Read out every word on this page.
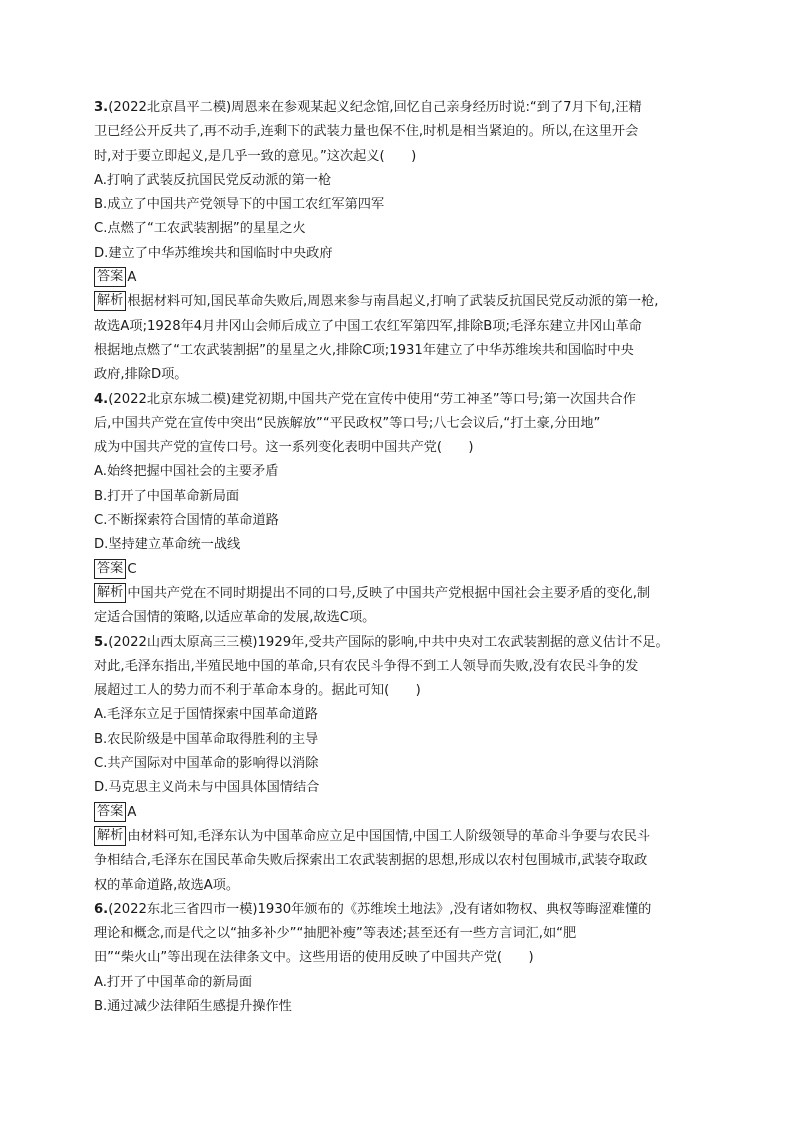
3.(2022北京昌平二模)周恩来在参观某起义纪念馆,回忆自己亲身经历时说:“到了7月下旬,汪精
卫已经公开反共了,再不动手,连剩下的武装力量也保不住,时机是相当紧迫的。所以,在这里开会
时,对于要立即起义,是几乎一致的意见。”这次起义(　　)
A.打响了武装反抗国民党反动派的第一枪
B.成立了中国共产党领导下的中国工农红军第四军
C.点燃了“工农武装割据”的星星之火
D.建立了中华苏维埃共和国临时中央政府
答案 A
解析 根据材料可知,国民革命失败后,周恩来参与南昌起义,打响了武装反抗国民党反动派的第一枪,
故选A项;1928年4月井冈山会师后成立了中国工农红军第四军,排除B项;毛泽东建立井冈山革命
根据地点燃了“工农武装割据”的星星之火,排除C项;1931年建立了中华苏维埃共和国临时中央
政府,排除D项。
4.(2022北京东城二模)建党初期,中国共产党在宣传中使用“劳工神圣”等口号;第一次国共合作
后,中国共产党在宣传中突出“民族解放”“平民政权”等口号;八七会议后,“打土豪,分田地”
成为中国共产党的宣传口号。这一系列变化表明中国共产党(　　)
A.始终把握中国社会的主要矛盾
B.打开了中国革命新局面
C.不断探索符合国情的革命道路
D.坚持建立革命统一战线
答案 C
解析 中国共产党在不同时期提出不同的口号,反映了中国共产党根据中国社会主要矛盾的变化,制
定适合国情的策略,以适应革命的发展,故选C项。
5.(2022山西太原高三三模)1929年,受共产国际的影响,中共中央对工农武装割据的意义估计不足。
对此,毛泽东指出,半殖民地中国的革命,只有农民斗争得不到工人领导而失败,没有农民斗争的发
展超过工人的势力而不利于革命本身的。据此可知(　　)
A.毛泽东立足于国情探索中国革命道路
B.农民阶级是中国革命取得胜利的主导
C.共产国际对中国革命的影响得以消除
D.马克思主义尚未与中国具体国情结合
答案 A
解析 由材料可知,毛泽东认为中国革命应立足中国国情,中国工人阶级领导的革命斗争要与农民斗
争相结合,毛泽东在国民革命失败后探索出工农武装割据的思想,形成以农村包围城市,武装夺取政
权的革命道路,故选A项。
6.(2022东北三省四市一模)1930年颁布的《苏维埃土地法》,没有诸如物权、典权等晦涩难懂的
理论和概念,而是代之以“抽多补少”“抽肥补瘦”等表述;甚至还有一些方言词汇,如“肥
田”“柴火山”等出现在法律条文中。这些用语的使用反映了中国共产党(　　)
A.打开了中国革命的新局面
B.通过减少法律陌生感提升操作性
